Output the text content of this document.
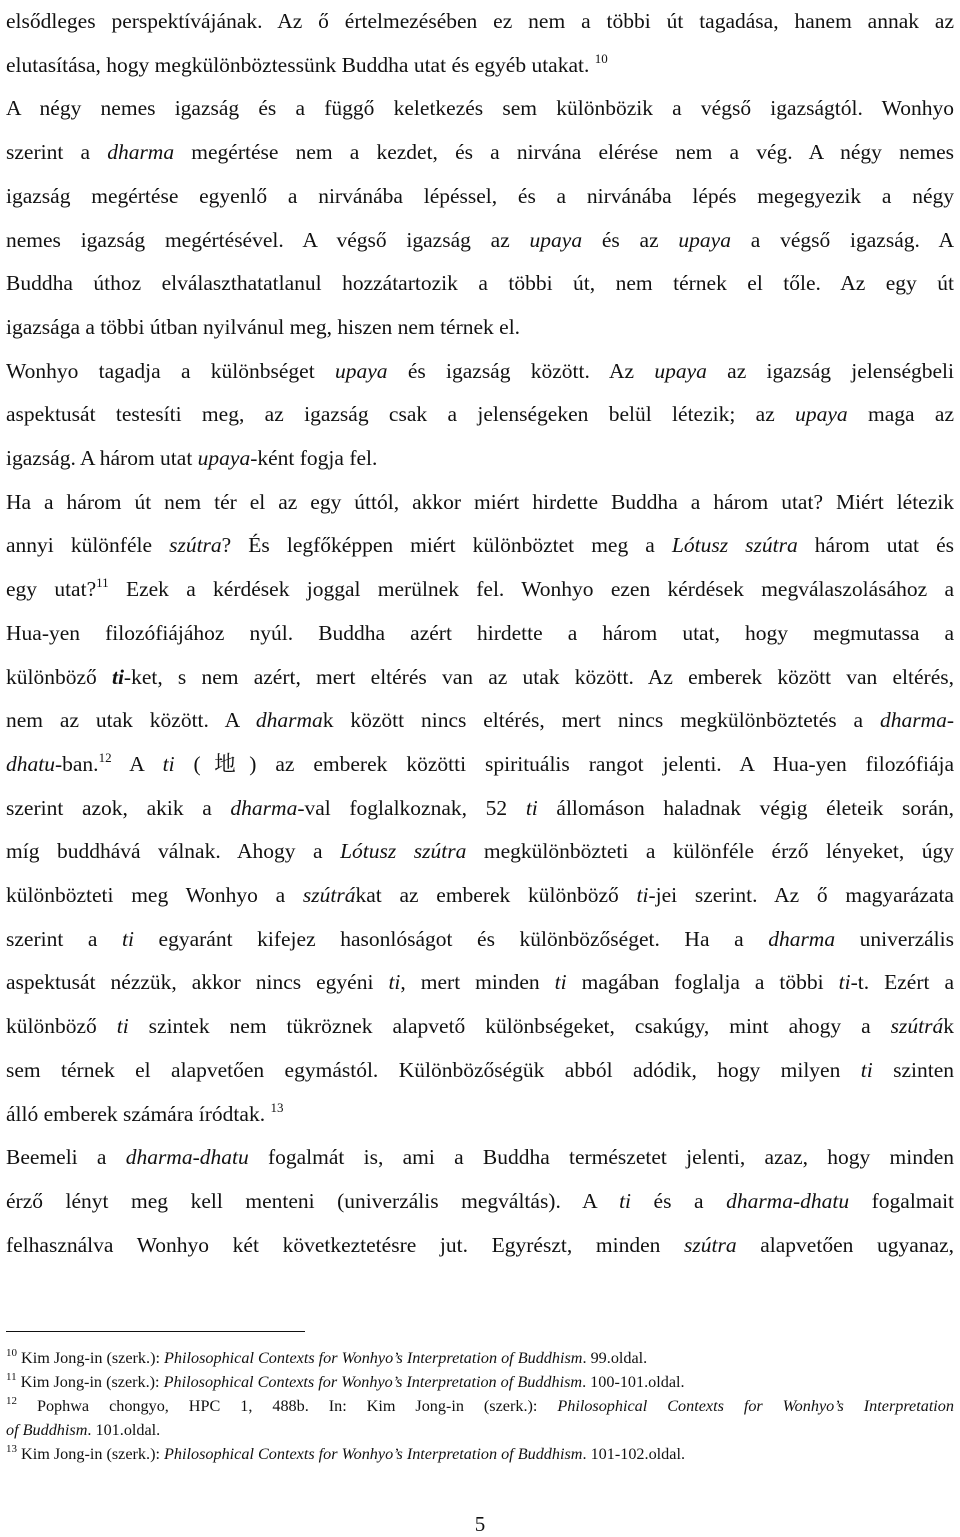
elsődleges perspektívájának. Az ő értelmezésében ez nem a többi út tagadása, hanem annak az
elutasítása, hogy megkülönböztessünk Buddha utat és egyéb utakat. $^{10}$
A négy nemes igazság és a függő keletkezés sem különbözik a végső igazságtól. Wonhyo
szerint a dharma megértése nem a kezdet, és a nirvána elérése nem a vég. A négy nemes
igazság megértése egyenlő a nirvánába lépéssel, és a nirvánába lépés megegyezik a négy
nemes igazság megértésével. A végső igazság az upaya és az upaya a végső igazság. A
Buddha úthoz elválaszthatatlanul hozzátartozik a többi út, nem térnek el tőle. Az egy út
igazsága a többi útban nyilvánul meg, hiszen nem térnek el.
Wonhyo tagadja a különbséget upaya és igazság között. Az upaya az igazság jelenségbeli
aspektusát testesíti meg, az igazság csak a jelenségeken belül létezik; az upaya maga az
igazság. A három utat upaya-ként fogja fel.
Ha a három út nem tér el az egy úttól, akkor miért hirdette Buddha a három utat? Miért létezik
annyi különféle szútra? És legfőképpen miért különböztet meg a Lótusz szútra három utat és
egy utat?$^{11}$ Ezek a kérdések joggal merülnek fel. Wonhyo ezen kérdések megválaszolásához a
Hua-yen filozófiájához nyúl. Buddha azért hirdette a három utat, hogy megmutassa a
különböző ti-ket, s nem azért, mert eltérés van az utak között. Az emberek között van eltérés,
nem az utak között. A dharmak között nincs eltérés, mert nincs megkülönböztetés a dharma-
dhatu-ban.$^{12}$ A ti (地) az emberek közötti spirituális rangot jelenti. A Hua-yen filozófiája
szerint azok, akik a dharma-val foglalkoznak, 52 ti állomáson haladnak végig életeik során,
míg buddhává válnak. Ahogy a Lótusz szútra megkülönbözteti a különféle érző lényeket, úgy
különbözteti meg Wonhyo a szútrákat az emberek különböző ti-jei szerint. Az ő magyarázata
szerint a ti egyaránt kifejez hasonlóságot és különbözőséget. Ha a dharma univerzális
aspektusát nézzük, akkor nincs egyéni ti, mert minden ti magában foglalja a többi ti-t. Ezért a
különböző ti szintek nem tükröznek alapvető különbségeket, csakúgy, mint ahogy a szútrák
sem térnek el alapvetően egymástól. Különbözőségük abból adódik, hogy milyen ti szinten
álló emberek számára íródtak. $^{13}$
Beemeli a dharma-dhatu fogalmát is, ami a Buddha természetet jelenti, azaz, hogy minden
érző lényt meg kell menteni (univerzális megváltás). A ti és a dharma-dhatu fogalmait
felhasználva Wonhyo két következtetésre jut. Egyrészt, minden szútra alapvetően ugyanaz,
$^{10}$ Kim Jong-in (szerk.): Philosophical Contexts for Wonhyo’s Interpretation of Buddhism. 99.oldal.
$^{11}$ Kim Jong-in (szerk.): Philosophical Contexts for Wonhyo’s Interpretation of Buddhism. 100-101.oldal.
$^{12}$ Pophwa chongyo, HPC 1, 488b. In: Kim Jong-in (szerk.): Philosophical Contexts for Wonhyo’s Interpretation
of Buddhism. 101.oldal.
$^{13}$ Kim Jong-in (szerk.): Philosophical Contexts for Wonhyo’s Interpretation of Buddhism. 101-102.oldal.
5
